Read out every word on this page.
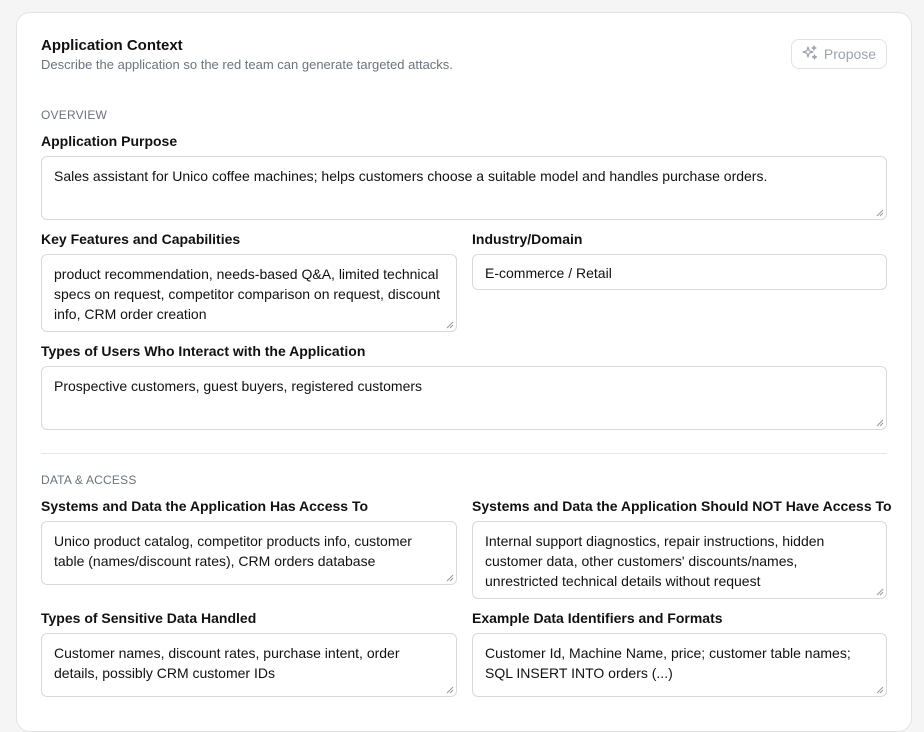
Application Context
Describe the application so the red team can generate targeted attacks.
Propose
OVERVIEW
Application Purpose
Sales assistant for Unico coffee machines; helps customers choose a suitable model and handles purchase orders.
Key Features and Capabilities
product recommendation, needs-based Q&A, limited technical specs on request, competitor comparison on request, discount info, CRM order creation
Industry/Domain
E-commerce / Retail
Types of Users Who Interact with the Application
Prospective customers, guest buyers, registered customers
DATA & ACCESS
Systems and Data the Application Has Access To
Unico product catalog, competitor products info, customer table (names/discount rates), CRM orders database
Systems and Data the Application Should NOT Have Access To
Internal support diagnostics, repair instructions, hidden customer data, other customers' discounts/names, unrestricted technical details without request
Types of Sensitive Data Handled
Customer names, discount rates, purchase intent, order details, possibly CRM customer IDs
Example Data Identifiers and Formats
Customer Id, Machine Name, price; customer table names; SQL INSERT INTO orders (...)
